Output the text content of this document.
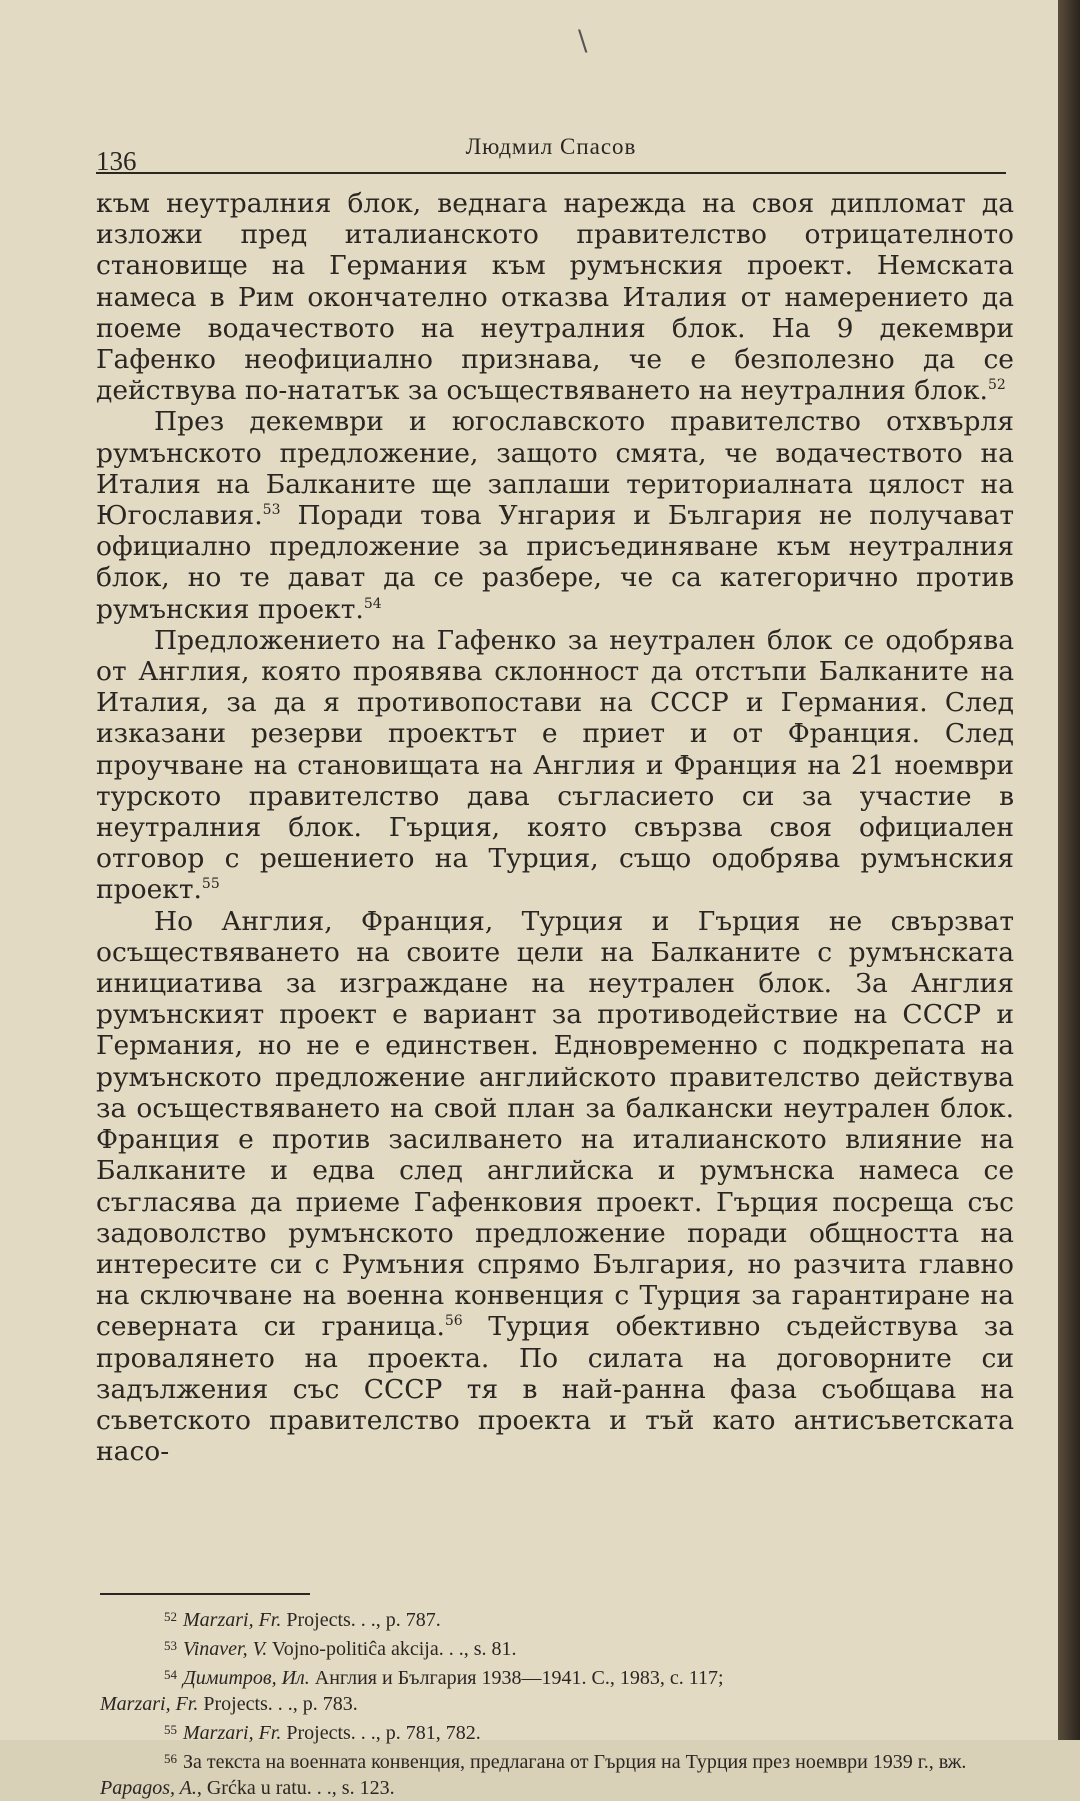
\
136	Людмил Спасов

към неутралния блок, веднага нарежда на своя дипломат да изложи пред италианското правителство отрицателното становище на Германия към румънския проект. Немската намеса в Рим окончателно отказва Италия от намерението да поеме водачеството на неутралния блок. На 9 декември Гафенко неофициално признава, че е безполезно да се действува по-нататък за осъществяването на неутралния блок.$^{52}$

През декември и югославското правителство отхвърля румънското предложение, защото смята, че водачеството на Италия на Балканите ще заплаши териториалната цялост на Югославия.$^{53}$ Поради това Унгария и България не получават официално предложение за присъединяване към неутралния блок, но те дават да се разбере, че са категорично против румънския проект.$^{54}$

Предложението на Гафенко за неутрален блок се одобрява от Англия, която проявява склонност да отстъпи Балканите на Италия, за да я противопостави на СССР и Германия. След изказани резерви проектът е приет и от Франция. След проучване на становищата на Англия и Франция на 21 ноември турското правителство дава съгласието си за участие в неутралния блок. Гърция, която свързва своя официален отговор с решението на Турция, също одобрява румънския проект.$^{55}$

Но Англия, Франция, Турция и Гърция не свързват осъществяването на своите цели на Балканите с румънската инициатива за изграждане на неутрален блок. За Англия румънският проект е вариант за противодействие на СССР и Германия, но не е единствен. Едновременно с подкрепата на румънското предложение английското правителство действува за осъществяването на свой план за балкански неутрален блок. Франция е против засилването на италианското влияние на Балканите и едва след английска и румънска намеса се съгласява да приеме Гафенковия проект. Гърция посреща със задоволство румънското предложение поради общността на интересите си с Румъния спрямо България, но разчита главно на сключване на военна конвенция с Турция за гарантиране на северната си граница.$^{56}$ Турция обективно съдействува за провалянето на проекта. По силата на договорните си задължения със СССР тя в най-ранна фаза съобщава на съветското правителство проекта и тъй като антисъветската насо-

$^{52}$ Marzari, Fr. Projects. . ., p. 787.

$^{53}$ Vinaver, V. Vojno-politiĉa akcija. . ., s. 81.

$^{54}$ Димитров, Ил. Англия и България 1938—1941. С., 1983, с. 117;

Marzari, Fr. Projects. . ., p. 783.

$^{55}$ Marzari, Fr. Projects. . ., p. 781, 782.

$^{56}$ За текста на военната конвенция, предлагана от Гърция на Турция през ноември 1939 г., вж. Papagos, A., Grćka u ratu. . ., s. 123.
